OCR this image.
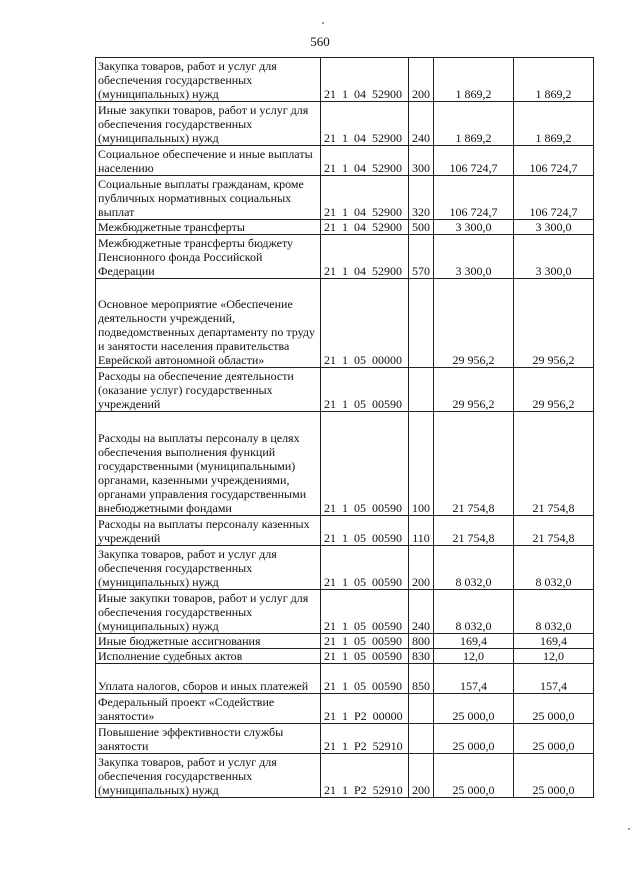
560
Закупка товаров, работ и услуг для обеспечения государственных (муниципальных) нужд	21 1 04 52900	200	1 869,2	1 869,2
Иные закупки товаров, работ и услуг для обеспечения государственных (муниципальных) нужд	21 1 04 52900	240	1 869,2	1 869,2
Социальное обеспечение и иные выплаты населению	21 1 04 52900	300	106 724,7	106 724,7
Социальные выплаты гражданам, кроме публичных нормативных социальных выплат	21 1 04 52900	320	106 724,7	106 724,7
Межбюджетные трансферты	21 1 04 52900	500	3 300,0	3 300,0
Межбюджетные трансферты бюджету Пенсионного фонда Российской Федерации	21 1 04 52900	570	3 300,0	3 300,0
Основное мероприятие «Обеспечение деятельности учреждений, подведомственных департаменту по труду и занятости населения правительства Еврейской автономной области»	21 1 05 00000		29 956,2	29 956,2
Расходы на обеспечение деятельности (оказание услуг) государственных учреждений	21 1 05 00590		29 956,2	29 956,2
Расходы на выплаты персоналу в целях обеспечения выполнения функций государственными (муниципальными) органами, казенными учреждениями, органами управления государственными внебюджетными фондами	21 1 05 00590	100	21 754,8	21 754,8
Расходы на выплаты персоналу казенных учреждений	21 1 05 00590	110	21 754,8	21 754,8
Закупка товаров, работ и услуг для обеспечения государственных (муниципальных) нужд	21 1 05 00590	200	8 032,0	8 032,0
Иные закупки товаров, работ и услуг для обеспечения государственных (муниципальных) нужд	21 1 05 00590	240	8 032,0	8 032,0
Иные бюджетные ассигнования	21 1 05 00590	800	169,4	169,4
Исполнение судебных актов	21 1 05 00590	830	12,0	12,0
Уплата налогов, сборов и иных платежей	21 1 05 00590	850	157,4	157,4
Федеральный проект «Содействие занятости»	21 1 P2 00000		25 000,0	25 000,0
Повышение эффективности службы занятости	21 1 P2 52910		25 000,0	25 000,0
Закупка товаров, работ и услуг для обеспечения государственных (муниципальных) нужд	21 1 P2 52910	200	25 000,0	25 000,0
